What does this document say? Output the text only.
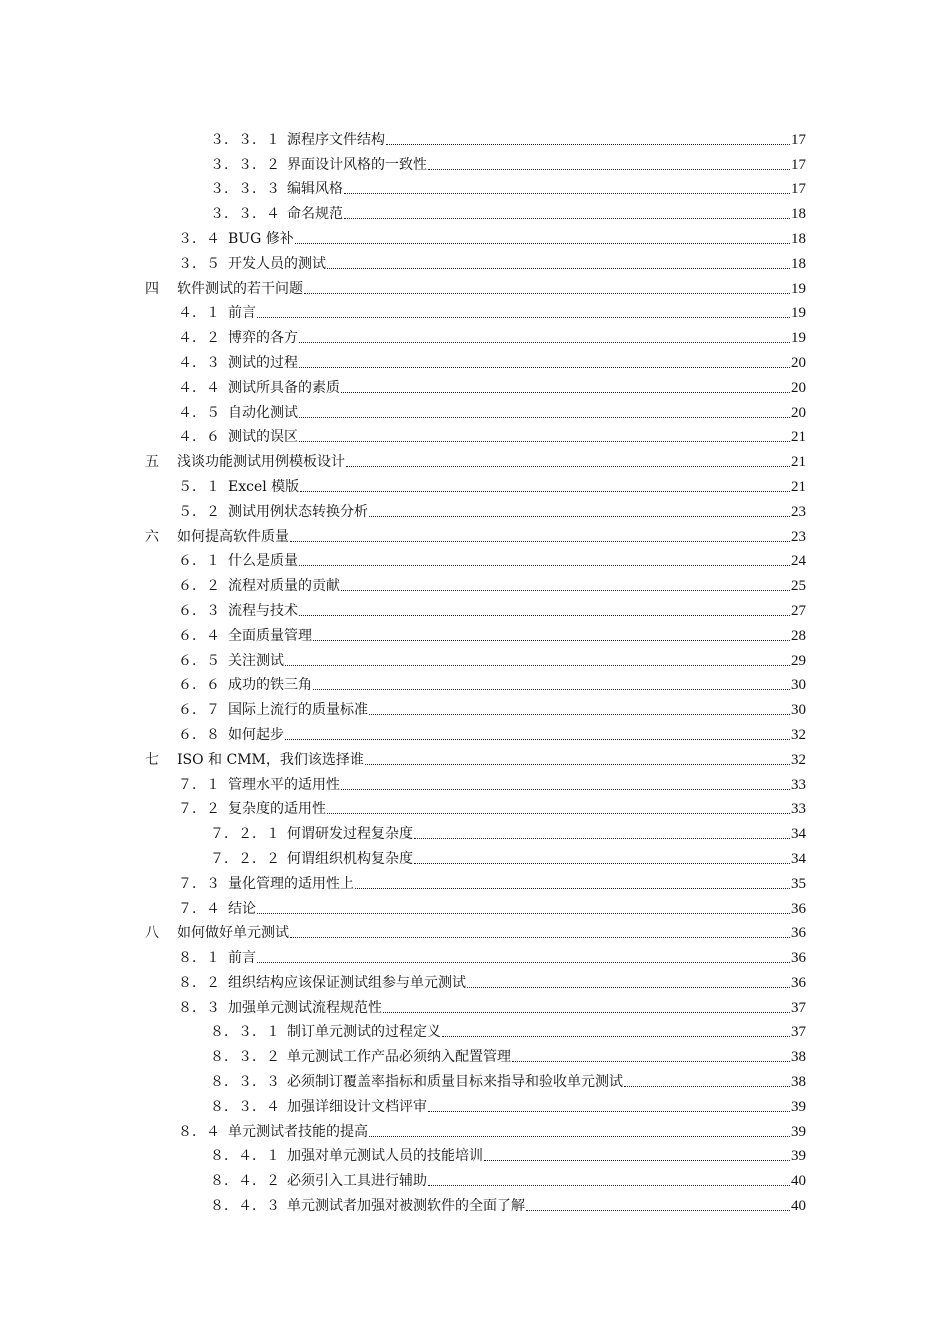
３．３．１ 源程序文件结构	17
３．３．２ 界面设计风格的一致性	17
３．３．３ 编辑风格	17
３．３．４ 命名规范	18
３．４ BUG 修补	18
３．５ 开发人员的测试	18
四	软件测试的若干问题	19
４．１ 前言	19
４．２ 博弈的各方	19
４．３ 测试的过程	20
４．４ 测试所具备的素质	20
４．５ 自动化测试	20
４．６ 测试的误区	21
五	浅谈功能测试用例模板设计	21
５．１ Excel 模版	21
５．２ 测试用例状态转换分析	23
六	如何提高软件质量	23
６．１ 什么是质量	24
６．２ 流程对质量的贡献	25
６．３ 流程与技术	27
６．４ 全面质量管理	28
６．５ 关注测试	29
６．６ 成功的铁三角	30
６．７ 国际上流行的质量标准	30
６．８ 如何起步	32
七	ISO 和 CMM，我们该选择谁	32
７．１ 管理水平的适用性	33
７．２ 复杂度的适用性	33
７．２．１ 何谓研发过程复杂度	34
７．２．２ 何谓组织机构复杂度	34
７．３ 量化管理的适用性上	35
７．４ 结论	36
八	如何做好单元测试	36
８．１ 前言	36
８．２ 组织结构应该保证测试组参与单元测试	36
８．３ 加强单元测试流程规范性	37
８．３．１ 制订单元测试的过程定义	37
８．３．２ 单元测试工作产品必须纳入配置管理	38
８．３．３ 必须制订覆盖率指标和质量目标来指导和验收单元测试	38
８．３．４ 加强详细设计文档评审	39
８．４ 单元测试者技能的提高	39
８．４．１ 加强对单元测试人员的技能培训	39
８．４．２ 必须引入工具进行辅助	40
８．４．３ 单元测试者加强对被测软件的全面了解	40
